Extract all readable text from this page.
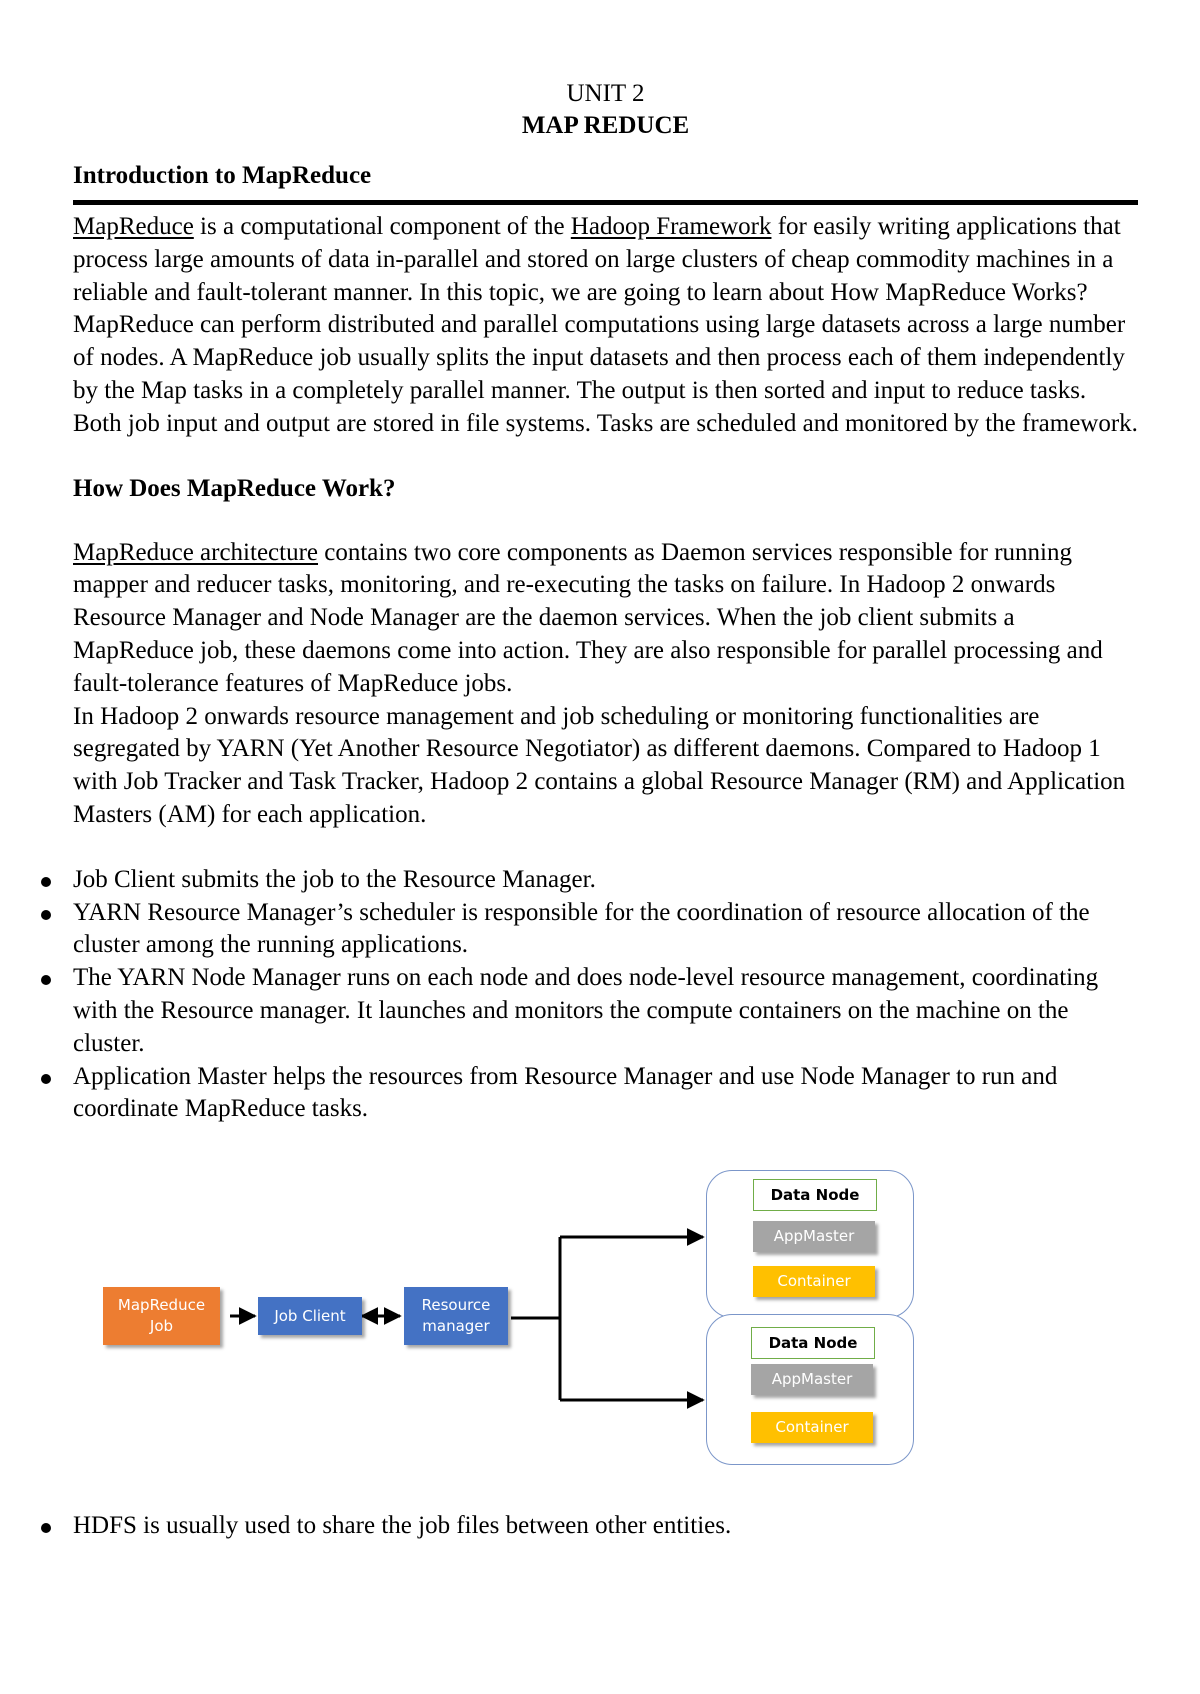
UNIT 2
MAP REDUCE
Introduction to MapReduce

MapReduce is a computational component of the Hadoop Framework for easily writing applications that process large amounts of data in-parallel and stored on large clusters of cheap commodity machines in a reliable and fault-tolerant manner. In this topic, we are going to learn about How MapReduce Works?

MapReduce can perform distributed and parallel computations using large datasets across a large number of nodes. A MapReduce job usually splits the input datasets and then process each of them independently by the Map tasks in a completely parallel manner. The output is then sorted and input to reduce tasks. Both job input and output are stored in file systems. Tasks are scheduled and monitored by the framework.

How Does MapReduce Work?

MapReduce architecture contains two core components as Daemon services responsible for running mapper and reducer tasks, monitoring, and re-executing the tasks on failure. In Hadoop 2 onwards Resource Manager and Node Manager are the daemon services. When the job client submits a MapReduce job, these daemons come into action. They are also responsible for parallel processing and fault-tolerance features of MapReduce jobs.

In Hadoop 2 onwards resource management and job scheduling or monitoring functionalities are segregated by YARN (Yet Another Resource Negotiator) as different daemons. Compared to Hadoop 1 with Job Tracker and Task Tracker, Hadoop 2 contains a global Resource Manager (RM) and Application Masters (AM) for each application.

Job Client submits the job to the Resource Manager.
YARN Resource Manager’s scheduler is responsible for the coordination of resource allocation of the cluster among the running applications.
The YARN Node Manager runs on each node and does node-level resource management, coordinating with the Resource manager. It launches and monitors the compute containers on the machine on the cluster.
Application Master helps the resources from Resource Manager and use Node Manager to run and coordinate MapReduce tasks.
MapReduce
Job
Job Client
Resource
manager
Data Node
AppMaster
Container
Data Node
AppMaster
Container
HDFS is usually used to share the job files between other entities.
